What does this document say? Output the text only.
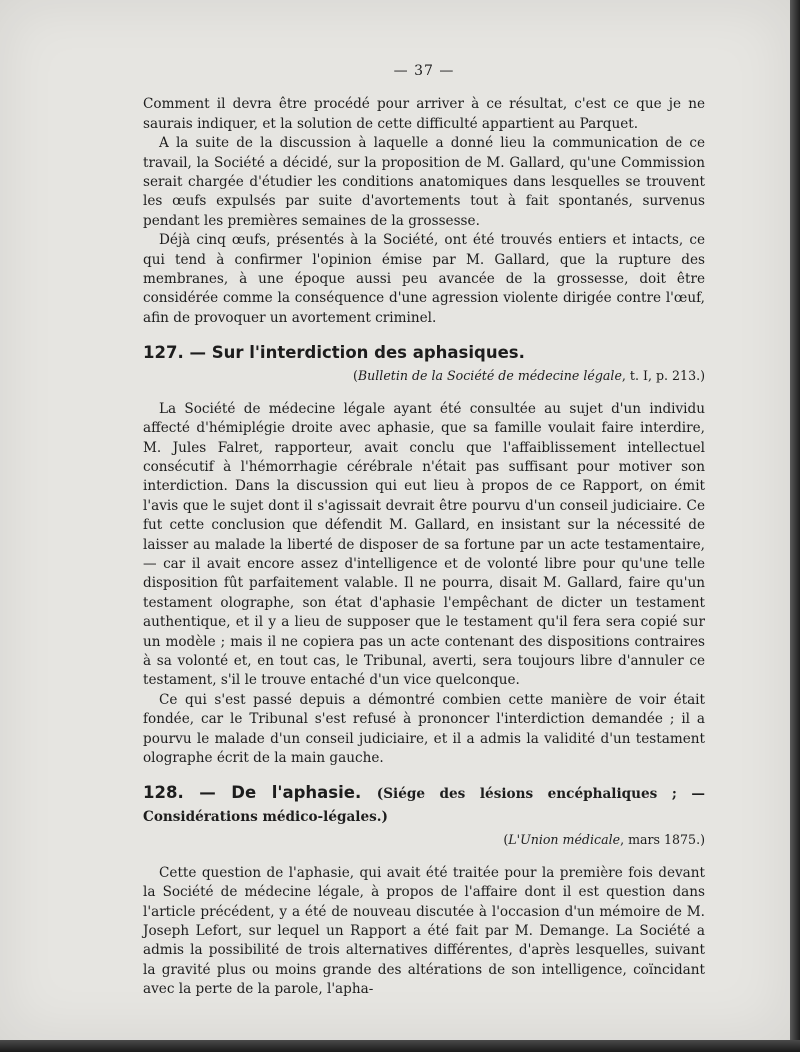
— 37 —

Comment il devra être procédé pour arriver à ce résultat, c'est ce que je ne saurais indiquer, et la solution de cette difficulté appartient au Parquet.

A la suite de la discussion à laquelle a donné lieu la communication de ce travail, la Société a décidé, sur la proposition de M. Gallard, qu'une Commission serait chargée d'étudier les conditions anatomiques dans lesquelles se trouvent les œufs expulsés par suite d'avortements tout à fait spontanés, survenus pendant les premières semaines de la grossesse.

Déjà cinq œufs, présentés à la Société, ont été trouvés entiers et intacts, ce qui tend à confirmer l'opinion émise par M. Gallard, que la rupture des membranes, à une époque aussi peu avancée de la grossesse, doit être considérée comme la conséquence d'une agression violente dirigée contre l'œuf, afin de provoquer un avortement criminel.

127. — Sur l'interdiction des aphasiques.
(Bulletin de la Société de médecine légale, t. I, p. 213.)

La Société de médecine légale ayant été consultée au sujet d'un individu affecté d'hémiplégie droite avec aphasie, que sa famille voulait faire interdire, M. Jules Falret, rapporteur, avait conclu que l'affaiblissement intellectuel consécutif à l'hémorrhagie cérébrale n'était pas suffisant pour motiver son interdiction. Dans la discussion qui eut lieu à propos de ce Rapport, on émit l'avis que le sujet dont il s'agissait devrait être pourvu d'un conseil judiciaire. Ce fut cette conclusion que défendit M. Gallard, en insistant sur la nécessité de laisser au malade la liberté de disposer de sa fortune par un acte testamentaire, — car il avait encore assez d'intelligence et de volonté libre pour qu'une telle disposition fût parfaitement valable. Il ne pourra, disait M. Gallard, faire qu'un testament olographe, son état d'aphasie l'empêchant de dicter un testament authentique, et il y a lieu de supposer que le testament qu'il fera sera copié sur un modèle ; mais il ne copiera pas un acte contenant des dispositions contraires à sa volonté et, en tout cas, le Tribunal, averti, sera toujours libre d'annuler ce testament, s'il le trouve entaché d'un vice quelconque.

Ce qui s'est passé depuis a démontré combien cette manière de voir était fondée, car le Tribunal s'est refusé à prononcer l'interdiction demandée ; il a pourvu le malade d'un conseil judiciaire, et il a admis la validité d'un testament olographe écrit de la main gauche.

128. — De l'aphasie. (Siége des lésions encéphaliques ; — Considérations médico-légales.)
(L'Union médicale, mars 1875.)

Cette question de l'aphasie, qui avait été traitée pour la première fois devant la Société de médecine légale, à propos de l'affaire dont il est question dans l'article précédent, y a été de nouveau discutée à l'occasion d'un mémoire de M. Joseph Lefort, sur lequel un Rapport a été fait par M. Demange. La Société a admis la possibilité de trois alternatives différentes, d'après lesquelles, suivant la gravité plus ou moins grande des altérations de son intelligence, coïncidant avec la perte de la parole, l'apha-
